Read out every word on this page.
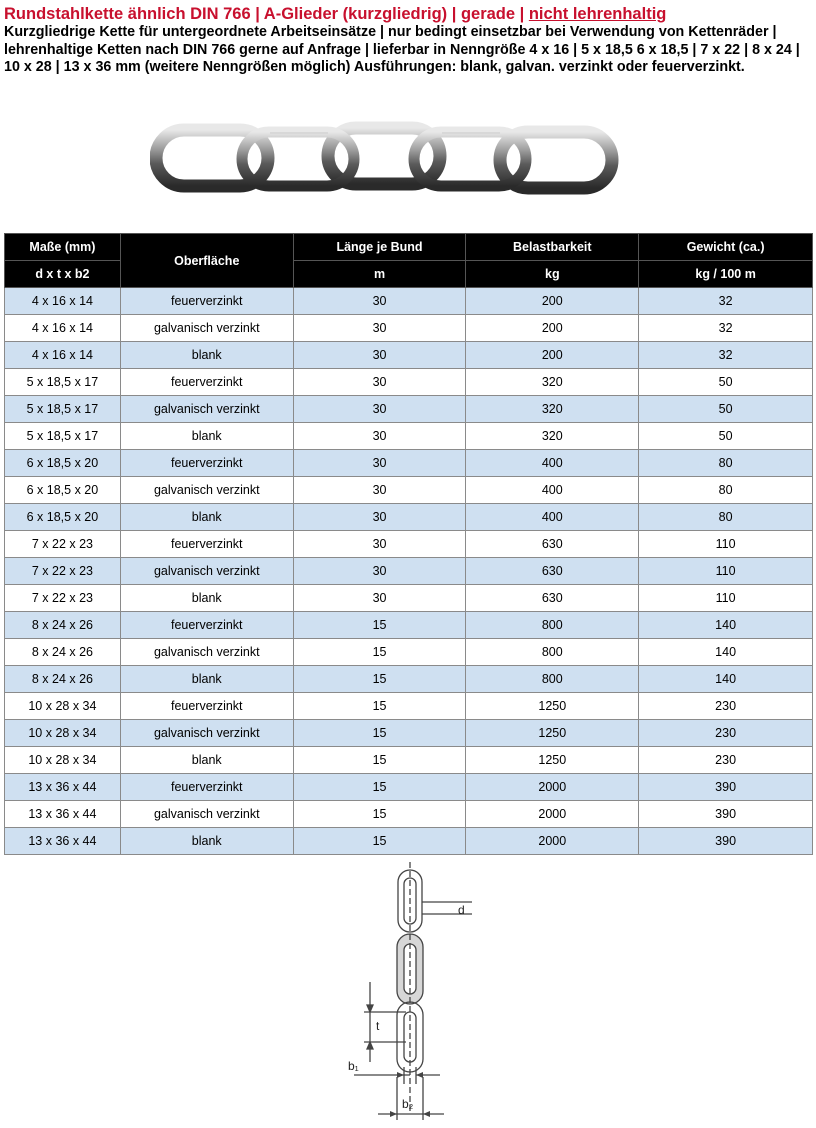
Rundstahlkette ähnlich DIN 766 | A-Glieder (kurzgliedrig) | gerade | nicht lehrenhaltig
Kurzgliedrige Kette für untergeordnete Arbeitseinsätze | nur bedingt einsetzbar bei Verwendung von Kettenräder | lehrenhaltige Ketten nach DIN 766 gerne auf Anfrage | lieferbar in Nenngröße 4 x 16 | 5 x 18,5 6 x 18,5 | 7 x 22 | 8 x 24 | 10 x 28 | 13 x 36 mm (weitere Nenngrößen möglich) Ausführungen: blank, galvan. verzinkt oder feuerverzinkt.
Maße (mm)	Oberfläche	Länge je Bund	Belastbarkeit	Gewicht (ca.)
d x t x b2		m	kg	kg / 100 m
4 x 16 x 14	feuerverzinkt	30	200	32
4 x 16 x 14	galvanisch verzinkt	30	200	32
4 x 16 x 14	blank	30	200	32
5 x 18,5 x 17	feuerverzinkt	30	320	50
5 x 18,5 x 17	galvanisch verzinkt	30	320	50
5 x 18,5 x 17	blank	30	320	50
6 x 18,5 x 20	feuerverzinkt	30	400	80
6 x 18,5 x 20	galvanisch verzinkt	30	400	80
6 x 18,5 x 20	blank	30	400	80
7 x 22 x 23	feuerverzinkt	30	630	110
7 x 22 x 23	galvanisch verzinkt	30	630	110
7 x 22 x 23	blank	30	630	110
8 x 24 x 26	feuerverzinkt	15	800	140
8 x 24 x 26	galvanisch verzinkt	15	800	140
8 x 24 x 26	blank	15	800	140
10 x 28 x 34	feuerverzinkt	15	1250	230
10 x 28 x 34	galvanisch verzinkt	15	1250	230
10 x 28 x 34	blank	15	1250	230
13 x 36 x 44	feuerverzinkt	15	2000	390
13 x 36 x 44	galvanisch verzinkt	15	2000	390
13 x 36 x 44	blank	15	2000	390
d
t
b₁
b₂
